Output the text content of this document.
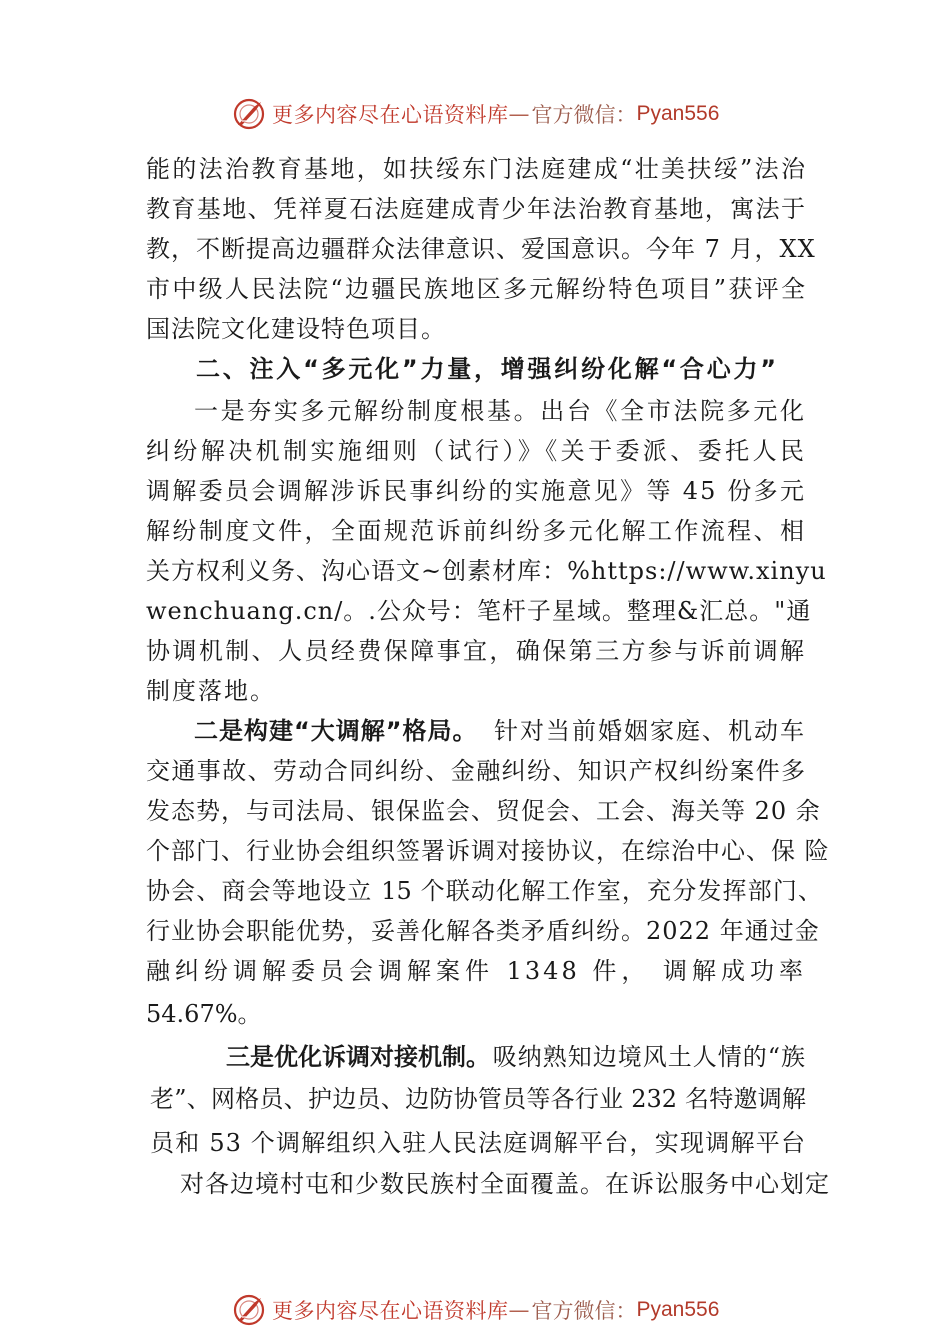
更多内容尽在心语资料库 — 官方微信： Pyan556
能的法治教育基地，如扶绥东门法庭建成“壮美扶绥”法治
教育基地、凭祥夏石法庭建成青少年法治教育基地，寓法于
教，不断提高边疆群众法律意识、爱国意识。今年 7 月，XX
市中级人民法院“边疆民族地区多元解纷特色项目”获评全
国法院文化建设特色项目。
二、注入“多元化”力量，增强纠纷化解“合心力”
一是夯实多元解纷制度根基。出台《全市法院多元化
纠纷解决机制实施细则（试行）》《关于委派、委托人民
调解委员会调解涉诉民事纠纷的实施意见》等 45 份多元
解纷制度文件，全面规范诉前纠纷多元化解工作流程、相
关方权利义务、沟心语文~创素材库：%https://www.xinyu
wenchuang.cn/。.公众号：笔杆子星域。整理&汇总。"通
协调机制、人员经费保障事宜，确保第三方参与诉前调解
制度落地。
二是构建“大调解”格局。 针对当前婚姻家庭、机动车
交通事故、劳动合同纠纷、金融纠纷、知识产权纠纷案件多
发态势，与司法局、银保监会、贸促会、工会、海关等 20 余
个部门、行业协会组织签署诉调对接协议，在综治中心、保 险
协会、商会等地设立 15 个联动化解工作室，充分发挥部门、
行业协会职能优势，妥善化解各类矛盾纠纷。2022 年通过金
融纠纷调解委员会调解案件 1348 件， 调解成功率
54.67%。
三是优化诉调对接机制。 吸纳熟知边境风土人情的“族
老”、网格员、护边员、边防协管员等各行业 232 名特邀调解
员和 53 个调解组织入驻人民法庭调解平台，实现调解平台
对各边境村屯和少数民族村全面覆盖。在诉讼服务中心划定
更多内容尽在心语资料库 — 官方微信： Pyan556
